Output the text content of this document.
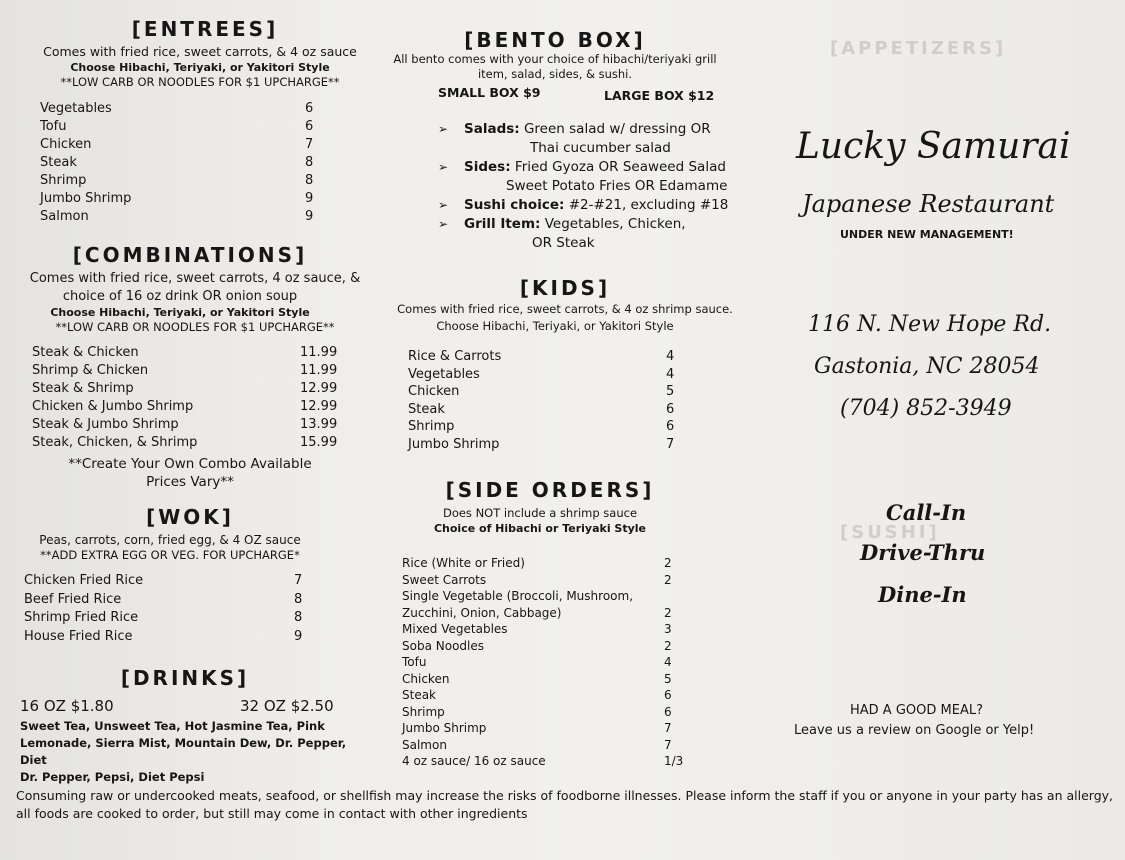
[ENTREES]

Comes with fried rice, sweet carrots, & 4 oz sauce

Choose Hibachi, Teriyaki, or Yakitori Style

**LOW CARB OR NOODLES FOR $1 UPCHARGE**

Vegetables	6
Tofu	6
Chicken	7
Steak	8
Shrimp	8
Jumbo Shrimp	9
Salmon	9
[COMBINATIONS]

Comes with fried rice, sweet carrots, 4 oz sauce, &

choice of 16 oz drink OR onion soup

Choose Hibachi, Teriyaki, or Yakitori Style

**LOW CARB OR NOODLES FOR $1 UPCHARGE**

Steak & Chicken	11.99
Shrimp & Chicken	11.99
Steak & Shrimp	12.99
Chicken & Jumbo Shrimp	12.99
Steak & Jumbo Shrimp	13.99
Steak, Chicken, & Shrimp	15.99

**Create Your Own Combo Available

Prices Vary**

[WOK]

Peas, carrots, corn, fried egg, & 4 OZ sauce

**ADD EXTRA EGG OR VEG. FOR UPCHARGE*

Chicken Fried Rice	7
Beef Fried Rice	8
Shrimp Fried Rice	8
House Fried Rice	9
[DRINKS]
16 OZ $1.80	32 OZ $2.50
Sweet Tea, Unsweet Tea, Hot Jasmine Tea, Pink
Lemonade, Sierra Mist, Mountain Dew, Dr. Pepper, Diet
Dr. Pepper, Pepsi, Diet Pepsi
[BENTO BOX]

All bento comes with your choice of hibachi/teriyaki grill

item, salad, sides, & sushi.

SMALL BOX $9	LARGE BOX $12
➢	Salads: Green salad w/ dressing OR
Thai cucumber salad
➢	Sides: Fried Gyoza OR Seaweed Salad
Sweet Potato Fries OR Edamame
➢	Sushi choice: #2-#21, excluding #18
➢	Grill Item: Vegetables, Chicken,
OR Steak
[KIDS]

Comes with fried rice, sweet carrots, & 4 oz shrimp sauce.

Choose Hibachi, Teriyaki, or Yakitori Style

Rice & Carrots	4
Vegetables	4
Chicken	5
Steak	6
Shrimp	6
Jumbo Shrimp	7
[SIDE ORDERS]

Does NOT include a shrimp sauce

Choice of Hibachi or Teriyaki Style

Rice (White or Fried)	2
Sweet Carrots	2
Single Vegetable (Broccoli, Mushroom,
Zucchini, Onion, Cabbage)	2
Mixed Vegetables	3
Soba Noodles	2
Tofu	4
Chicken	5
Steak	6
Shrimp	6
Jumbo Shrimp	7
Salmon	7
4 oz sauce/ 16 oz sauce	1/3
[APPETIZERS]
[SUSHI]
Lucky Samurai
Japanese Restaurant
UNDER NEW MANAGEMENT!
116 N. New Hope Rd.
Gastonia, NC 28054
(704) 852-3949
Call-In
Drive-Thru
Dine-In
HAD A GOOD MEAL?
Leave us a review on Google or Yelp!
Consuming raw or undercooked meats, seafood, or shellfish may increase the risks of foodborne illnesses. Please inform the staff if you or anyone in your party has an allergy,
all foods are cooked to order, but still may come in contact with other ingredients
